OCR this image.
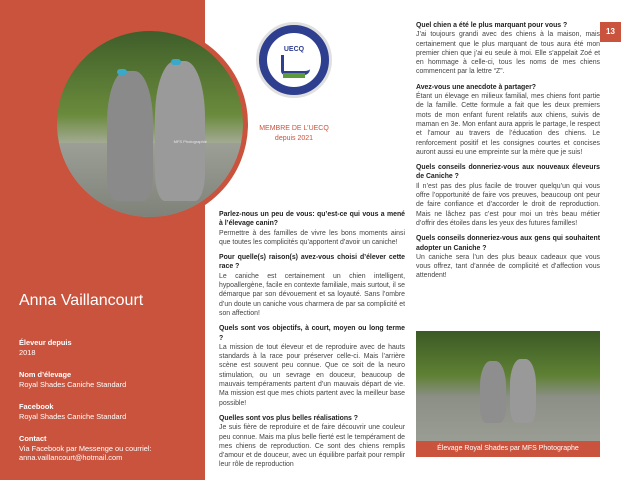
MFS Photographie
UECQ
MEMBRE DE L’UECQ
depuis 2021
Anna Vaillancourt
Éleveur depuis
2018
Nom d’élevage
Royal Shades Caniche Standard
Facebook
Royal Shades Caniche Standard
Contact
Via Facebook par Messenge ou courriel: anna.vaillancourt@hotmail.com

Parlez-nous un peu de vous: qu’est-ce qui vous a mené à l’élevage canin?

Permettre à des familles de vivre les bons moments ainsi que toutes les complicités qu’apportent d’avoir un caniche!

Pour quelle(s) raison(s) avez-vous choisi d’élever cette race ?

Le caniche est certainement un chien intelligent, hypoallergène, facile en contexte familiale, mais surtout, il se démarque par son dévouement et sa loyauté. Sans l’ombre d’un doute un caniche vous charmera de par sa complicité et son affection!

Quels sont vos objectifs, à court, moyen ou long terme ?

La mission de tout éleveur et de reproduire avec de hauts standards à la race pour préserver celle-ci. Mais l’arrière scène est souvent peu connue. Que ce soit de la neuro stimulation, ou un sevrage en douceur, beaucoup de mauvais tempéraments partent d’un mauvais départ de vie. Ma mission est que mes chiots partent avec la meilleur base possible!

Quelles sont vos plus belles réalisations ?

Je suis fière de reproduire et de faire découvrir une couleur peu connue. Mais ma plus belle fierté est le tempérament de mes chiens de reproduction. Ce sont des chiens remplis d’amour et de douceur, avec un équilibre parfait pour remplir leur rôle de reproduction

Quel chien a été le plus marquant pour vous ?

J’ai toujours grandi avec des chiens à la maison, mais certainement que le plus marquant de tous aura été mon premier chien que j’ai eu seule à moi. Elle s’appelait Zoé et en hommage à celle-ci, tous les noms de mes chiens commencent par la lettre “Z”.

Avez-vous une anecdote à partager?

Étant un élevage en milieux familial, mes chiens font partie de la famille. Cette formule a fait que les deux premiers mots de mon enfant furent relatifs aux chiens, suivis de maman en 3e. Mon enfant aura appris le partage, le respect et l’amour au travers de l’éducation des chiens. Le renforcement positif et les consignes courtes et concises auront aussi eu une empreinte sur la mère que je suis!

Quels conseils donneriez-vous aux nouveaux éleveurs de Caniche ?

Il n’est pas des plus facile de trouver quelqu’un qui vous offre l’opportunité de faire vos preuves, beaucoup ont peur de faire confiance et d’accorder le droit de reproduction. Mais ne lâchez pas c’est pour moi un très beau métier d’offrir des étoiles dans les yeux des futures familles!

Quels conseils donneriez-vous aux gens qui souhaitent adopter un Caniche ?

Un caniche sera l’un des plus beaux cadeaux que vous vous offrez, tant d’année de complicité et d’affection vous attendent!

13
Élevage Royal Shades par MFS Photographe
